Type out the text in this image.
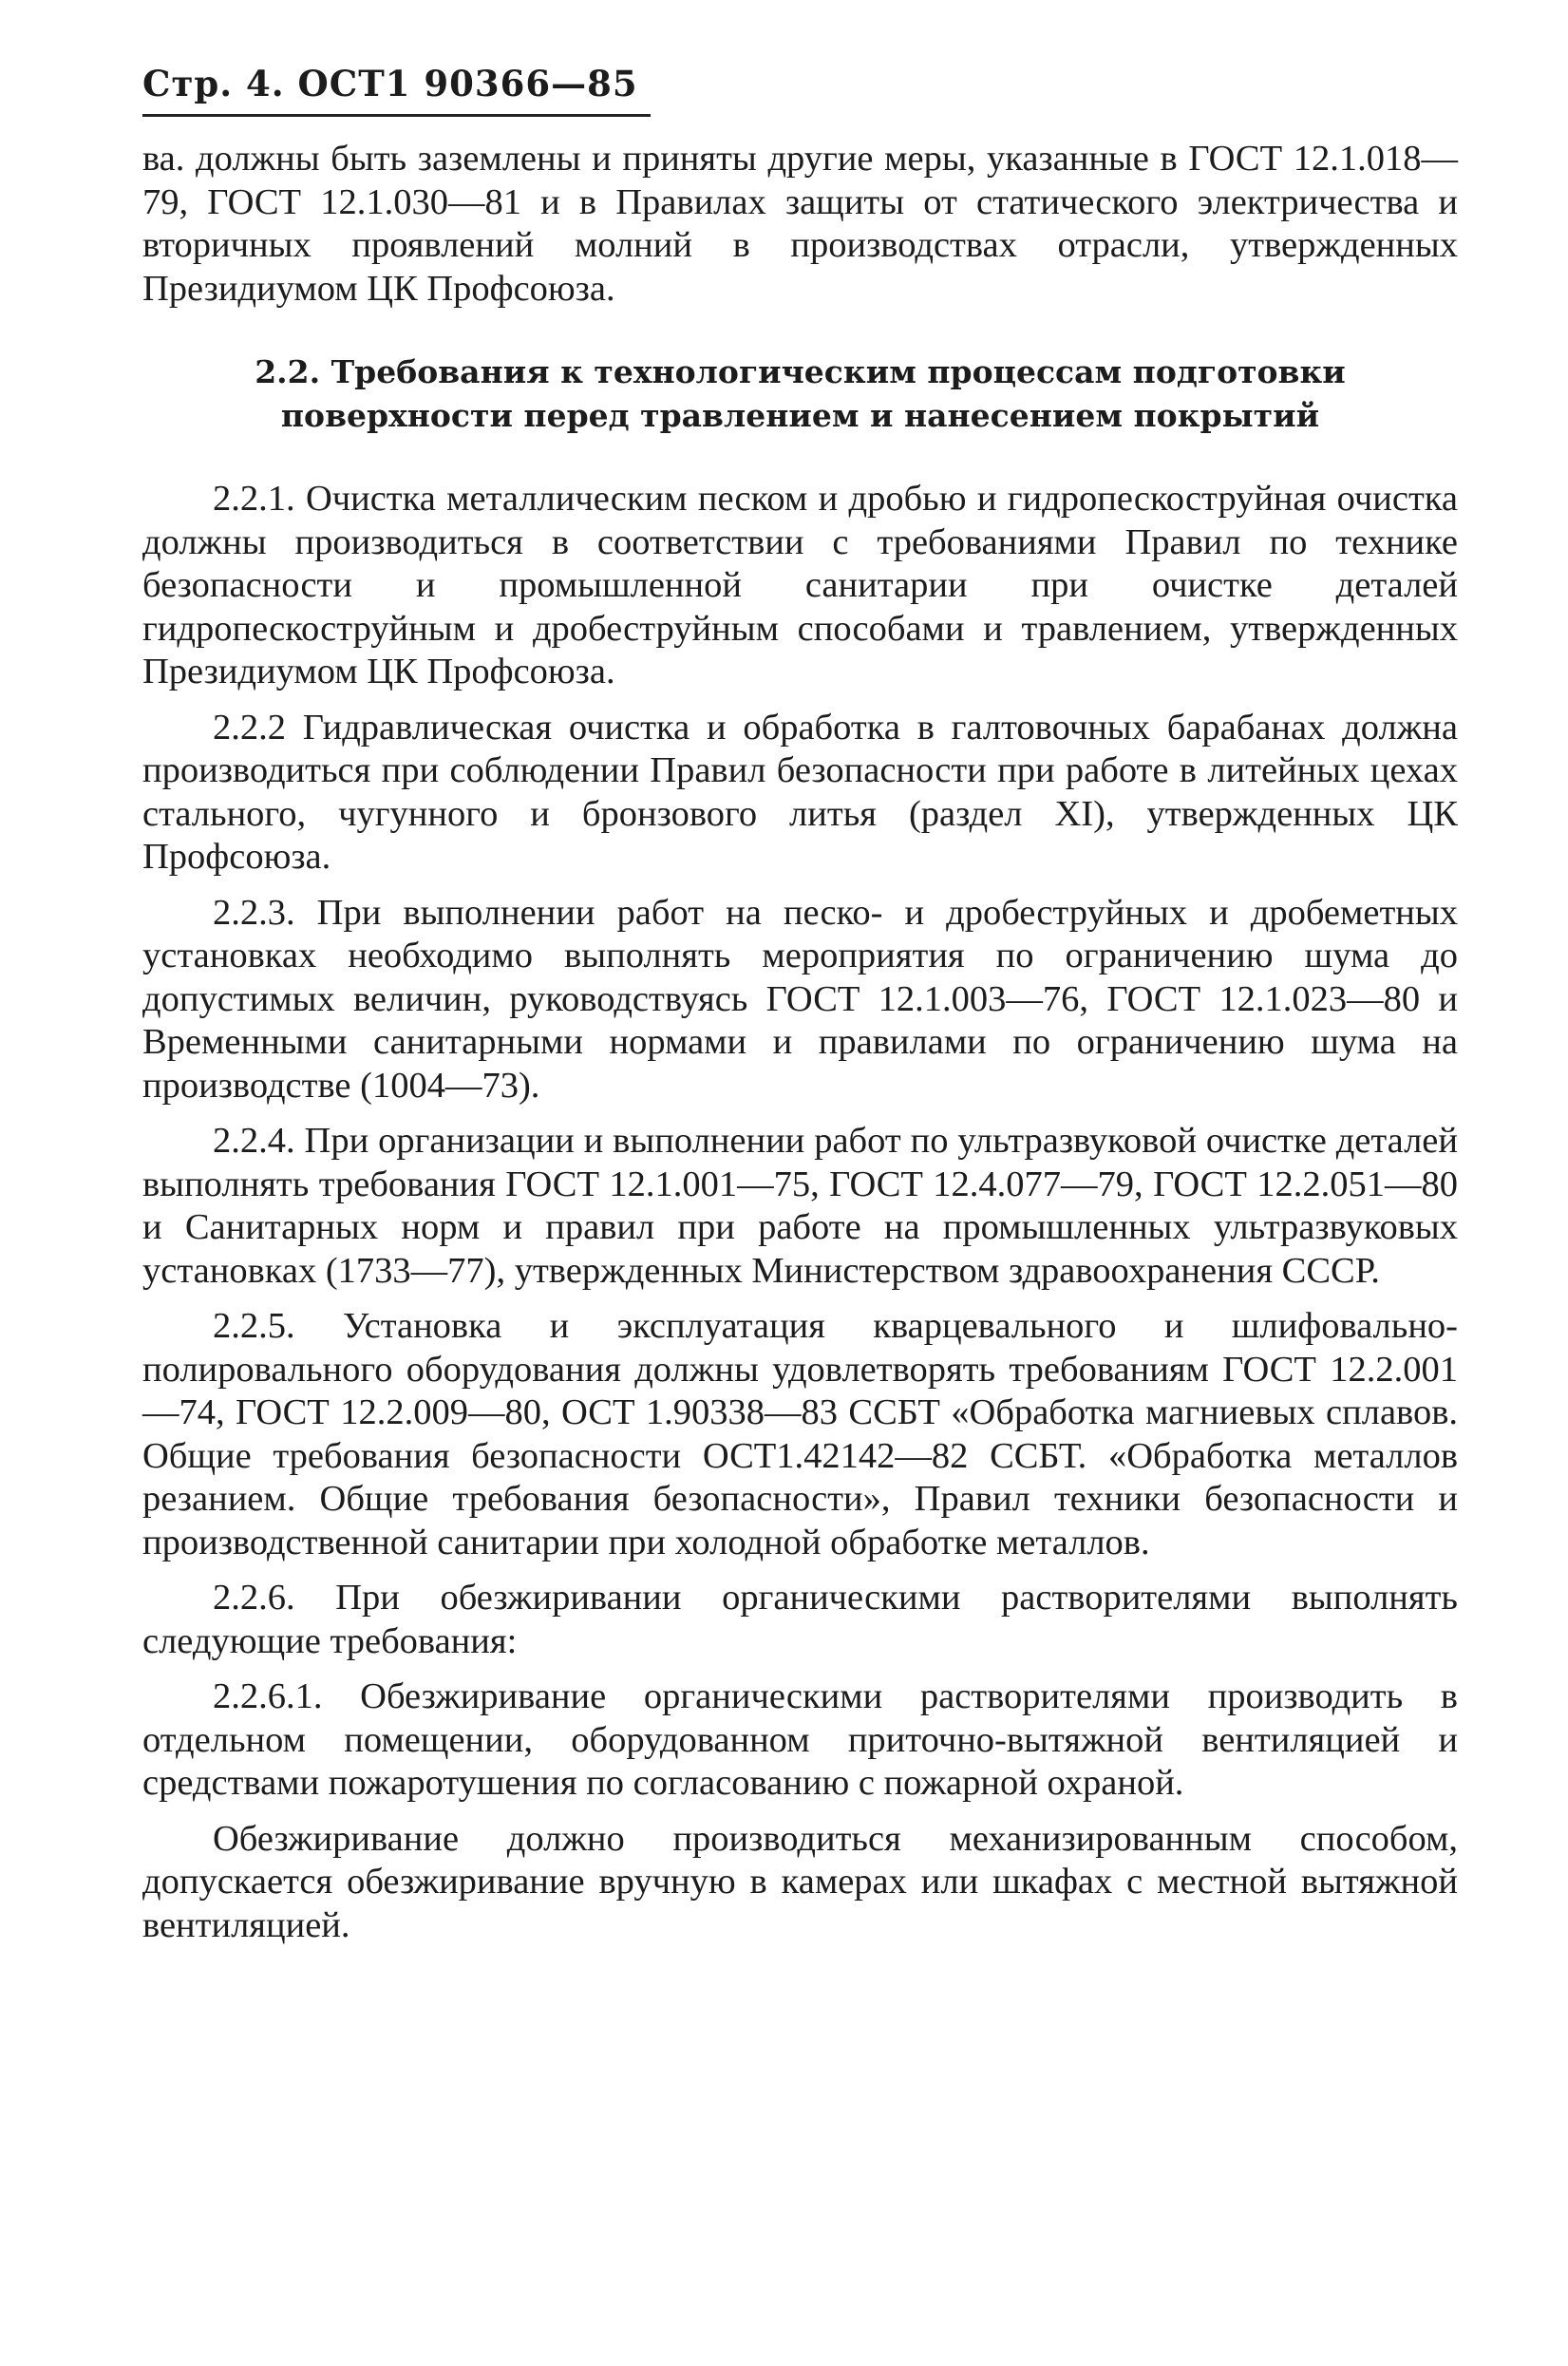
Стр. 4. ОСТ1 90366—85

ва. должны быть заземлены и приняты другие меры, указанные в ГОСТ 12.1.018—79, ГОСТ 12.1.030—81 и в Правилах защиты от статического электричества и вторичных проявлений молний в производствах отрасли, утвержденных Президиумом ЦК Профсоюза.

2.2. Требования к технологическим процессам подготовки поверхности перед травлением и нанесением покрытий

2.2.1. Очистка металлическим песком и дробью и гидропескоструйная очистка должны производиться в соответствии с требованиями Правил по технике безопасности и промышленной санитарии при очистке деталей гидропескоструйным и дробеструйным способами и травлением, утвержденных Президиумом ЦК Профсоюза.

2.2.2 Гидравлическая очистка и обработка в галтовочных барабанах должна производиться при соблюдении Правил безопасности при работе в литейных цехах стального, чугунного и бронзового литья (раздел XI), утвержденных ЦК Профсоюза.

2.2.3. При выполнении работ на песко- и дробеструйных и дробеметных установках необходимо выполнять мероприятия по ограничению шума до допустимых величин, руководствуясь ГОСТ 12.1.003—76, ГОСТ 12.1.023—80 и Временными санитарными нормами и правилами по ограничению шума на производстве (1004—73).

2.2.4. При организации и выполнении работ по ультразвуковой очистке деталей выполнять требования ГОСТ 12.1.001—75, ГОСТ 12.4.077—79, ГОСТ 12.2.051—80 и Санитарных норм и правил при работе на промышленных ультразвуковых установках (1733—77), утвержденных Министерством здравоохранения СССР.

2.2.5. Установка и эксплуатация кварцевального и шлифовально-полировального оборудования должны удовлетворять требованиям ГОСТ 12.2.001—74, ГОСТ 12.2.009—80, ОСТ 1.90338—83 ССБТ «Обработка магниевых сплавов. Общие требования безопасности ОСТ1.42142—82 ССБТ. «Обработка металлов резанием. Общие требования безопасности», Правил техники безопасности и производственной санитарии при холодной обработке металлов.

2.2.6. При обезжиривании органическими растворителями выполнять следующие требования:

2.2.6.1. Обезжиривание органическими растворителями производить в отдельном помещении, оборудованном приточно-вытяжной вентиляцией и средствами пожаротушения по согласованию с пожарной охраной.

Обезжиривание должно производиться механизированным способом, допускается обезжиривание вручную в камерах или шкафах с местной вытяжной вентиляцией.
